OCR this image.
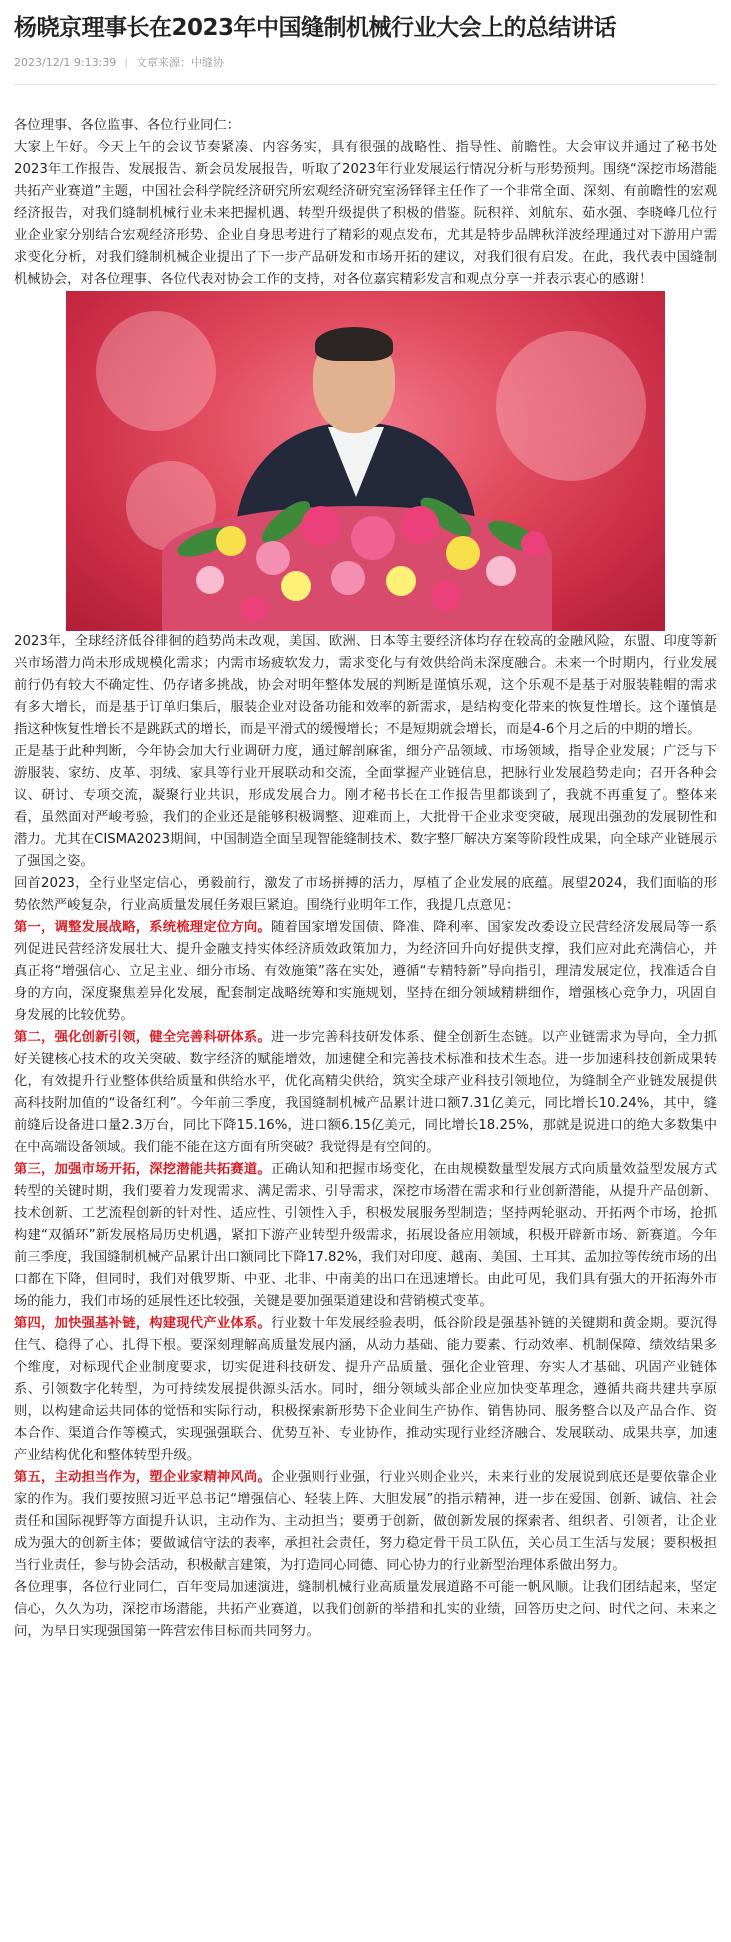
杨晓京理事长在2023年中国缝制机械行业大会上的总结讲话
2023/12/1 9:13:39 | 文章来源：中缝协

各位理事、各位监事、各位行业同仁：

大家上午好。今天上午的会议节奏紧凑、内容务实，具有很强的战略性、指导性、前瞻性。大会审议并通过了秘书处2023年工作报告、发展报告、新会员发展报告，听取了2023年行业发展运行情况分析与形势预判。围绕“深挖市场潜能 共拓产业赛道”主题，中国社会科学院经济研究所宏观经济研究室汤铎铎主任作了一个非常全面、深刻、有前瞻性的宏观经济报告，对我们缝制机械行业未来把握机遇、转型升级提供了积极的借鉴。阮积祥、刘航东、茹水强、李晓峰几位行业企业家分别结合宏观经济形势、企业自身思考进行了精彩的观点发布，尤其是特步品牌秋洋波经理通过对下游用户需求变化分析，对我们缝制机械企业提出了下一步产品研发和市场开拓的建议，对我们很有启发。在此，我代表中国缝制机械协会，对各位理事、各位代表对协会工作的支持，对各位嘉宾精彩发言和观点分享一并表示衷心的感谢！

2023年，全球经济低谷徘徊的趋势尚未改观，美国、欧洲、日本等主要经济体均存在较高的金融风险，东盟、印度等新兴市场潜力尚未形成规模化需求；内需市场疲软发力，需求变化与有效供给尚未深度融合。未来一个时期内，行业发展前行仍有较大不确定性、仍存诸多挑战，协会对明年整体发展的判断是谨慎乐观，这个乐观不是基于对服装鞋帽的需求有多大增长，而是基于订单归集后，服装企业对设备功能和效率的新需求，是结构变化带来的恢复性增长。这个谨慎是指这种恢复性增长不是跳跃式的增长，而是平滑式的缓慢增长；不是短期就会增长，而是4-6个月之后的中期的增长。

正是基于此种判断，今年协会加大行业调研力度，通过解剖麻雀，细分产品领域、市场领域，指导企业发展；广泛与下游服装、家纺、皮革、羽绒、家具等行业开展联动和交流，全面掌握产业链信息，把脉行业发展趋势走向；召开各种会议、研讨、专项交流，凝聚行业共识，形成发展合力。刚才秘书长在工作报告里都谈到了，我就不再重复了。整体来看，虽然面对严峻考验，我们的企业还是能够积极调整、迎难而上，大批骨干企业求变突破，展现出强劲的发展韧性和潜力。尤其在CISMA2023期间，中国制造全面呈现智能缝制技术、数字整厂解决方案等阶段性成果，向全球产业链展示了强国之姿。

回首2023，全行业坚定信心，勇毅前行，激发了市场拼搏的活力，厚植了企业发展的底蕴。展望2024，我们面临的形势依然严峻复杂，行业高质量发展任务艰巨紧迫。围绕行业明年工作，我提几点意见：

第一，调整发展战略，系统梳理定位方向。随着国家增发国债、降准、降利率、国家发改委设立民营经济发展局等一系列促进民营经济发展壮大、提升金融支持实体经济质效政策加力，为经济回升向好提供支撑，我们应对此充满信心，并真正将“增强信心、立足主业、细分市场、有效施策”落在实处，遵循“专精特新”导向指引，理清发展定位，找准适合自身的方向，深度聚焦差异化发展，配套制定战略统筹和实施规划，坚持在细分领域精耕细作，增强核心竞争力，巩固自身发展的比较优势。

第二，强化创新引领，健全完善科研体系。进一步完善科技研发体系、健全创新生态链。以产业链需求为导向，全力抓好关键核心技术的攻关突破、数字经济的赋能增效，加速健全和完善技术标准和技术生态。进一步加速科技创新成果转化，有效提升行业整体供给质量和供给水平，优化高精尖供给，筑实全球产业科技引领地位，为缝制全产业链发展提供高科技附加值的“设备红利”。今年前三季度，我国缝制机械产品累计进口额7.31亿美元，同比增长10.24%，其中，缝前缝后设备进口量2.3万台，同比下降15.16%，进口额6.15亿美元，同比增长18.25%，那就是说进口的绝大多数集中在中高端设备领域。我们能不能在这方面有所突破？我觉得是有空间的。

第三，加强市场开拓，深挖潜能共拓赛道。正确认知和把握市场变化，在由规模数量型发展方式向质量效益型发展方式转型的关键时期，我们要着力发现需求、满足需求、引导需求，深挖市场潜在需求和行业创新潜能，从提升产品创新、技术创新、工艺流程创新的针对性、适应性、引领性入手，积极发展服务型制造；坚持两轮驱动、开拓两个市场，抢抓构建“双循环”新发展格局历史机遇，紧扣下游产业转型升级需求，拓展设备应用领域，积极开辟新市场、新赛道。今年前三季度，我国缝制机械产品累计出口额同比下降17.82%，我们对印度、越南、美国、土耳其、孟加拉等传统市场的出口都在下降，但同时，我们对俄罗斯、中亚、北非、中南美的出口在迅速增长。由此可见，我们具有强大的开拓海外市场的能力，我们市场的延展性还比较强，关键是要加强渠道建设和营销模式变革。

第四，加快强基补链，构建现代产业体系。行业数十年发展经验表明，低谷阶段是强基补链的关键期和黄金期。要沉得住气、稳得了心、扎得下根。要深刻理解高质量发展内涵，从动力基础、能力要素、行动效率、机制保障、绩效结果多个维度，对标现代企业制度要求，切实促进科技研发、提升产品质量、强化企业管理、夯实人才基础、巩固产业链体系、引领数字化转型，为可持续发展提供源头活水。同时，细分领域头部企业应加快变革理念，遵循共商共建共享原则，以构建命运共同体的觉悟和实际行动，积极探索新形势下企业间生产协作、销售协同、服务整合以及产品合作、资本合作、渠道合作等模式，实现强强联合、优势互补、专业协作，推动实现行业经济融合、发展联动、成果共享，加速产业结构优化和整体转型升级。

第五，主动担当作为，塑企业家精神风尚。企业强则行业强，行业兴则企业兴，未来行业的发展说到底还是要依靠企业家的作为。我们要按照习近平总书记“增强信心、轻装上阵、大胆发展”的指示精神，进一步在爱国、创新、诚信、社会责任和国际视野等方面提升认识，主动作为、主动担当；要勇于创新，做创新发展的探索者、组织者、引领者，让企业成为强大的创新主体；要做诚信守法的表率，承担社会责任，努力稳定骨干员工队伍，关心员工生活与发展；要积极担当行业责任，参与协会活动，积极献言建策，为打造同心同德、同心协力的行业新型治理体系做出努力。

各位理事，各位行业同仁，百年变局加速演进，缝制机械行业高质量发展道路不可能一帆风顺。让我们团结起来，坚定信心，久久为功，深挖市场潜能，共拓产业赛道，以我们创新的举措和扎实的业绩，回答历史之问、时代之问、未来之问，为早日实现强国第一阵营宏伟目标而共同努力。
